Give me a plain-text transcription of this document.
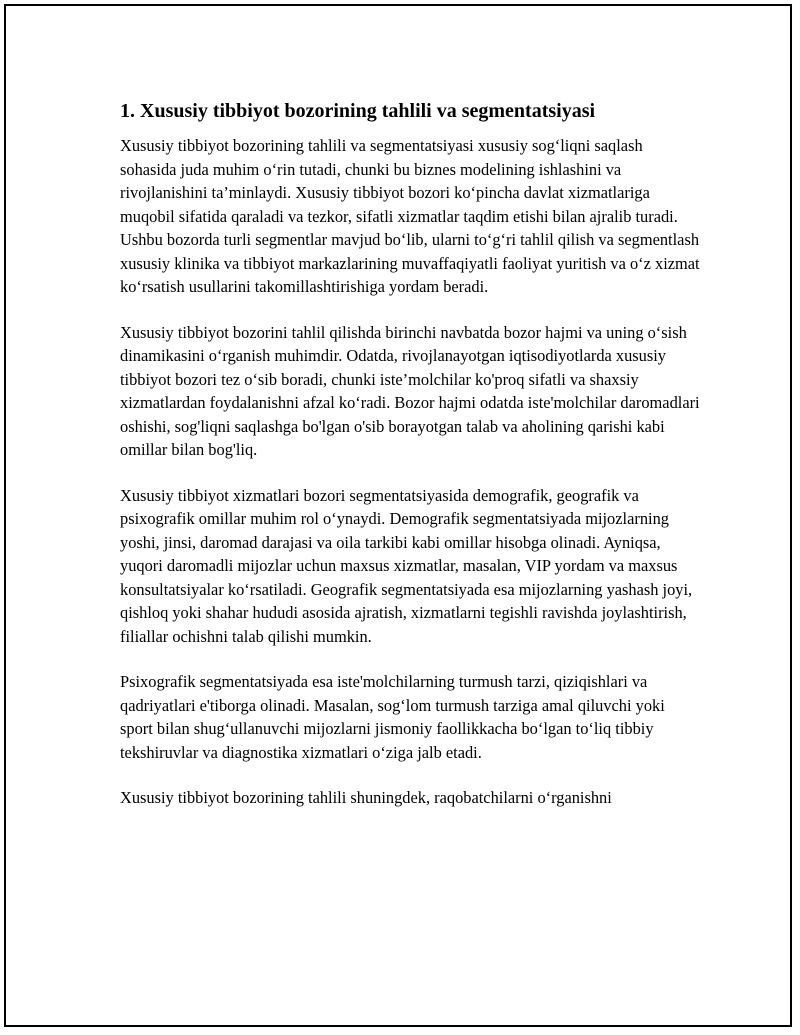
1. Xususiy tibbiyot bozorining tahlili va segmentatsiyasi

Xususiy tibbiyot bozorining tahlili va segmentatsiyasi xususiy sog‘liqni saqlash sohasida juda muhim o‘rin tutadi, chunki bu biznes modelining ishlashini va rivojlanishini ta’minlaydi. Xususiy tibbiyot bozori ko‘pincha davlat xizmatlariga muqobil sifatida qaraladi va tezkor, sifatli xizmatlar taqdim etishi bilan ajralib turadi. Ushbu bozorda turli segmentlar mavjud bo‘lib, ularni to‘g‘ri tahlil qilish va segmentlash xususiy klinika va tibbiyot markazlarining muvaffaqiyatli faoliyat yuritish va o‘z xizmat ko‘rsatish usullarini takomillashtirishiga yordam beradi.

Xususiy tibbiyot bozorini tahlil qilishda birinchi navbatda bozor hajmi va uning o‘sish dinamikasini o‘rganish muhimdir. Odatda, rivojlanayotgan iqtisodiyotlarda xususiy tibbiyot bozori tez o‘sib boradi, chunki iste’molchilar ko'proq sifatli va shaxsiy xizmatlardan foydalanishni afzal ko‘radi. Bozor hajmi odatda iste'molchilar daromadlari oshishi, sog'liqni saqlashga bo'lgan o'sib borayotgan talab va aholining qarishi kabi omillar bilan bog'liq.

Xususiy tibbiyot xizmatlari bozori segmentatsiyasida demografik, geografik va psixografik omillar muhim rol o‘ynaydi. Demografik segmentatsiyada mijozlarning yoshi, jinsi, daromad darajasi va oila tarkibi kabi omillar hisobga olinadi. Ayniqsa, yuqori daromadli mijozlar uchun maxsus xizmatlar, masalan, VIP yordam va maxsus konsultatsiyalar ko‘rsatiladi. Geografik segmentatsiyada esa mijozlarning yashash joyi, qishloq yoki shahar hududi asosida ajratish, xizmatlarni tegishli ravishda joylashtirish, filiallar ochishni talab qilishi mumkin.

Psixografik segmentatsiyada esa iste'molchilarning turmush tarzi, qiziqishlari va qadriyatlari e'tiborga olinadi. Masalan, sog‘lom turmush tarziga amal qiluvchi yoki sport bilan shug‘ullanuvchi mijozlarni jismoniy faollikkacha bo‘lgan to‘liq tibbiy tekshiruvlar va diagnostika xizmatlari o‘ziga jalb etadi.

Xususiy tibbiyot bozorining tahlili shuningdek, raqobatchilarni o‘rganishni
